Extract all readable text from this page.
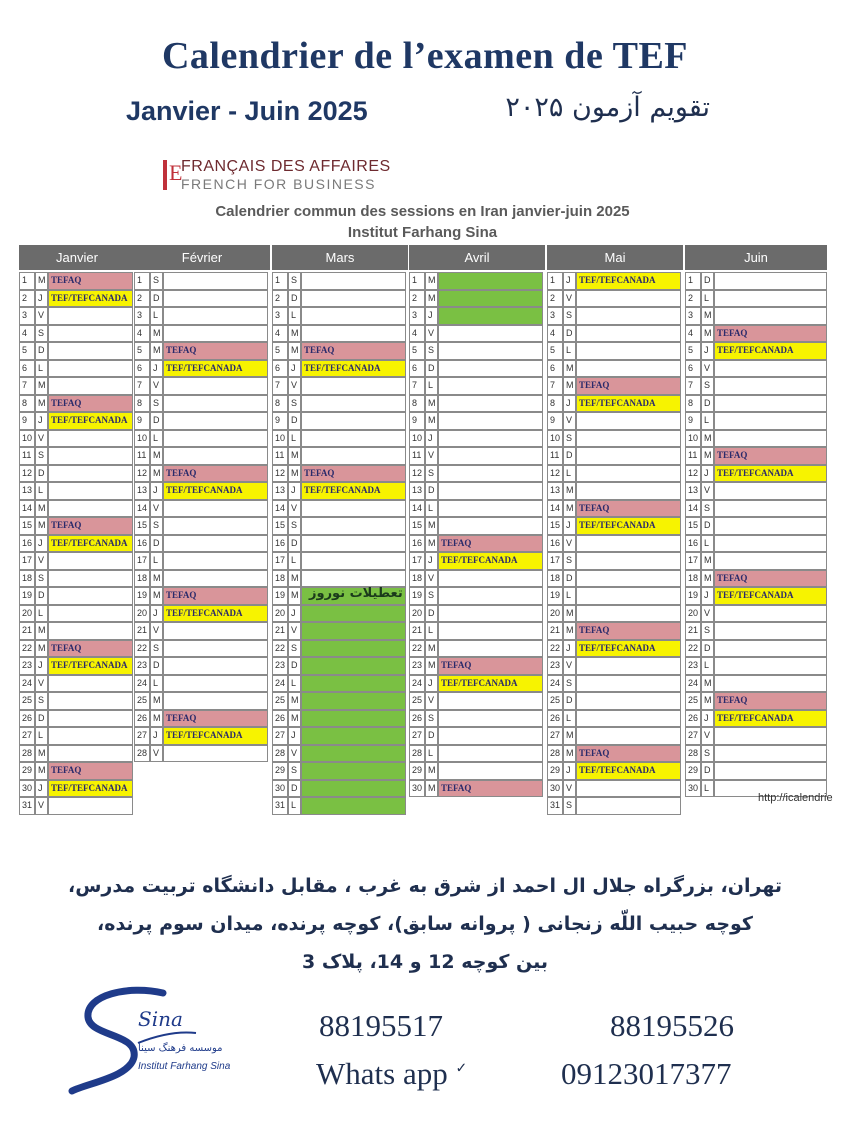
Calendrier de l’examen de TEF
Janvier - Juin 2025	تقویم آزمون ۲۰۲۵
E
FRANÇAIS DES AFFAIRES
FRENCH FOR BUSINESS
Calendrier commun des sessions en Iran janvier-juin 2025
Institut Farhang Sina
Janvier
1	M TEFAQ
2	J TEF/TEFCANADA
3	V
4	S
5	D
6	L
7	M
8	M TEFAQ
9	J TEF/TEFCANADA
10 V
11 S
12 D
13 L
14 M
15 M TEFAQ
16 J TEF/TEFCANADA
17 V
18 S
19 D
20 L
21 M
22 M TEFAQ
23 J TEF/TEFCANADA
24 V
25 S
26 D
27 L
28 M
29 M TEFAQ
30 J TEF/TEFCANADA
31 V
Février
1	S
2	D
3	L
4	M
5	M TEFAQ
6	J TEF/TEFCANADA
7	V
8	S
9	D
10 L
11 M
12 M TEFAQ
13 J TEF/TEFCANADA
14 V
15 S
16 D
17 L
18 M
19 M TEFAQ
20 J TEF/TEFCANADA
21 V
22 S
23 D
24 L
25 M
26 M TEFAQ
27 J TEF/TEFCANADA
28 V
Mars
1	S
2	D
3	L
4	M
5	M TEFAQ
6	J TEF/TEFCANADA
7	V
8	S
9	D
10 L
11 M
12 M TEFAQ
13 J TEF/TEFCANADA
14 V
15 S
16 D
17 L
18 M
19 M
20 J
21 V
22 S
23 D
24 L
25 M
26 M
27 J
28 V
29 S
30 D
31 L
Avril
1	M
2	M
3	J
4	V
5	S
6	D
7	L
8	M
9	M
10 J
11 V
12 S
13 D
14 L
15 M
16 M TEFAQ
17 J TEF/TEFCANADA
18 V
19 S
20 D
21 L
22 M
23 M TEFAQ
24 J TEF/TEFCANADA
25 V
26 S
27 D
28 L
29 M
30 M TEFAQ
Mai
1	J TEF/TEFCANADA
2	V
3	S
4	D
5	L
6	M
7	M TEFAQ
8	J TEF/TEFCANADA
9	V
10 S
11 D
12 L
13 M
14 M TEFAQ
15 J TEF/TEFCANADA
16 V
17 S
18 D
19 L
20 M
21 M TEFAQ
22 J TEF/TEFCANADA
23 V
24 S
25 D
26 L
27 M
28 M TEFAQ
29 J TEF/TEFCANADA
30 V
31 S
Juin
1	D
2	L
3	M
4	M TEFAQ
5	J TEF/TEFCANADA
6	V
7	S
8	D
9	L
10 M
11 M TEFAQ
12 J TEF/TEFCANADA
13 V
14 S
15 D
16 L
17 M
18 M TEFAQ
19 J TEF/TEFCANADA
20 V
21 S
22 D
23 L
24 M
25 M TEFAQ
26 J TEF/TEFCANADA
27 V
28 S
29 D
30 L
تعطیلات نوروز
http://icalendrie
تهران، بزرگراه جلال ال احمد از شرق به غرب ، مقابل دانشگاه تربیت مدرس،
کوچه حبیب اللّه زنجانی ( پروانه سابق)، کوچه پرنده، میدان سوم پرنده،
بین کوچه 12 و 14، پلاک 3
Sina
موسسه فرهنگ سینا
Institut Farhang Sina
88195517	88195526
Whats app ✓	09123017377
